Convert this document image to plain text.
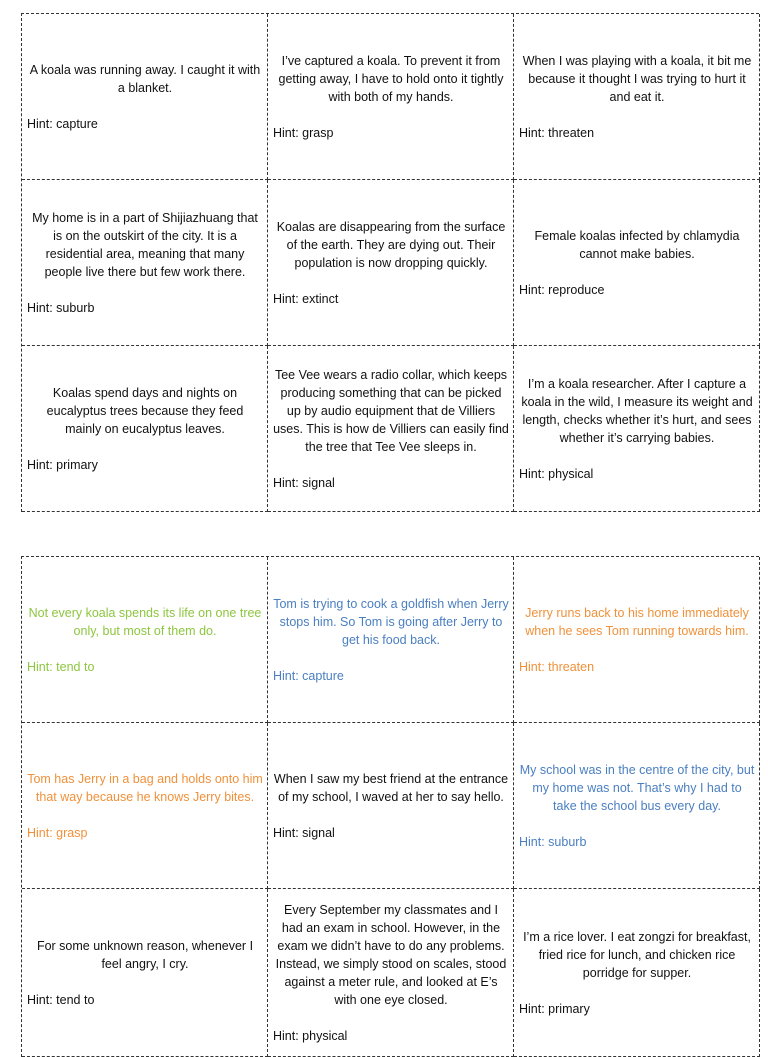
A koala was running away. I caught it with a blanket.
Hint: capture
I’ve captured a koala. To prevent it from getting away, I have to hold onto it tightly with both of my hands.
Hint: grasp
When I was playing with a koala, it bit me because it thought I was trying to hurt it and eat it.
Hint: threaten
My home is in a part of Shijiazhuang that is on the outskirt of the city. It is a residential area, meaning that many people live there but few work there.
Hint: suburb
Koalas are disappearing from the surface of the earth. They are dying out. Their population is now dropping quickly.
Hint: extinct
Female koalas infected by chlamydia cannot make babies.
Hint: reproduce
Koalas spend days and nights on eucalyptus trees because they feed mainly on eucalyptus leaves.
Hint: primary
Tee Vee wears a radio collar, which keeps producing something that can be picked up by audio equipment that de Villiers uses. This is how de Villiers can easily find the tree that Tee Vee sleeps in.
Hint: signal
I’m a koala researcher. After I capture a koala in the wild, I measure its weight and length, checks whether it’s hurt, and sees whether it’s carrying babies.
Hint: physical
Not every koala spends its life on one tree only, but most of them do.
Hint: tend to
Tom is trying to cook a goldfish when Jerry stops him. So Tom is going after Jerry to get his food back.
Hint: capture
Jerry runs back to his home immediately when he sees Tom running towards him.
Hint: threaten
Tom has Jerry in a bag and holds onto him that way because he knows Jerry bites.
Hint: grasp
When I saw my best friend at the entrance of my school, I waved at her to say hello.
Hint: signal
My school was in the centre of the city, but my home was not. That’s why I had to take the school bus every day.
Hint: suburb
For some unknown reason, whenever I feel angry, I cry.
Hint: tend to
Every September my classmates and I had an exam in school. However, in the exam we didn’t have to do any problems. Instead, we simply stood on scales, stood against a meter rule, and looked at E’s with one eye closed.
Hint: physical
I’m a rice lover. I eat zongzi for breakfast, fried rice for lunch, and chicken rice porridge for supper.
Hint: primary
